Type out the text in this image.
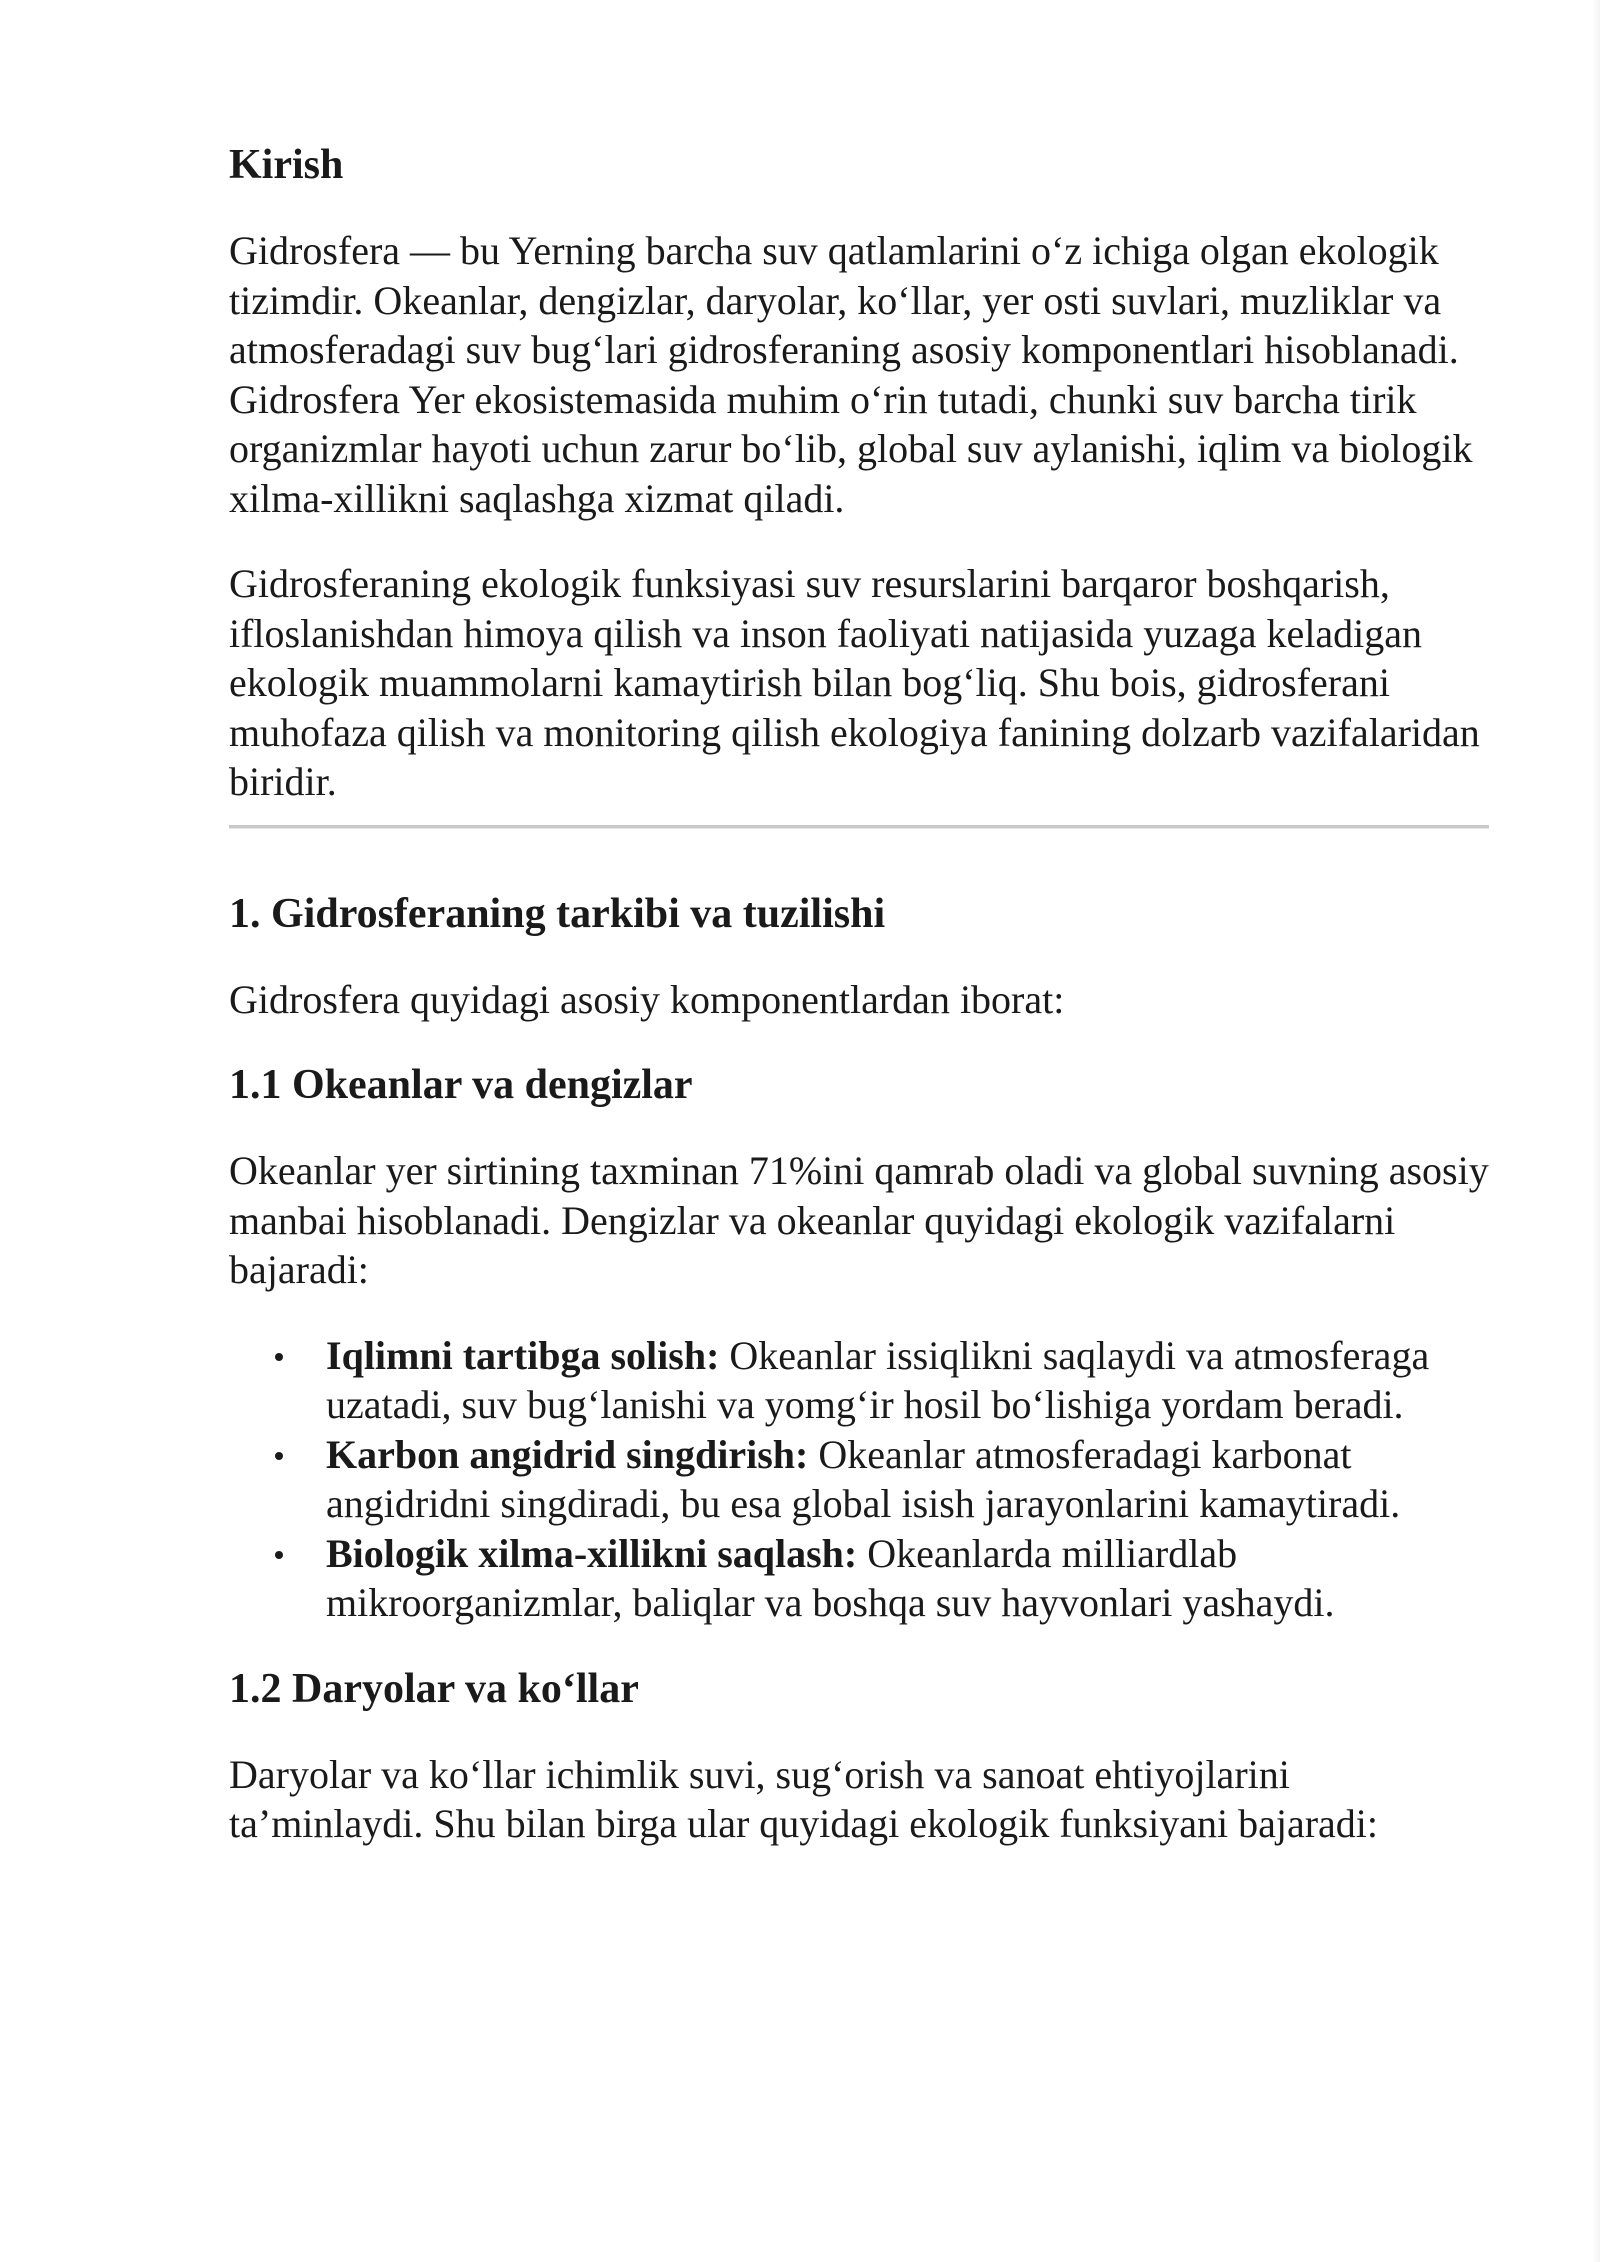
Kirish

Gidrosfera — bu Yerning barcha suv qatlamlarini o‘z ichiga olgan ekologik tizimdir. Okeanlar, dengizlar, daryolar, ko‘llar, yer osti suvlari, muzliklar va atmosferadagi suv bug‘lari gidrosferaning asosiy komponentlari hisoblanadi. Gidrosfera Yer ekosistemasida muhim o‘rin tutadi, chunki suv barcha tirik organizmlar hayoti uchun zarur bo‘lib, global suv aylanishi, iqlim va biologik xilma-xillikni saqlashga xizmat qiladi.

Gidrosferaning ekologik funksiyasi suv resurslarini barqaror boshqarish, ifloslanishdan himoya qilish va inson faoliyati natijasida yuzaga keladigan ekologik muammolarni kamaytirish bilan bog‘liq. Shu bois, gidrosferani muhofaza qilish va monitoring qilish ekologiya fanining dolzarb vazifalaridan biridir.

1. Gidrosferaning tarkibi va tuzilishi

Gidrosfera quyidagi asosiy komponentlardan iborat:

1.1 Okeanlar va dengizlar

Okeanlar yer sirtining taxminan 71%ini qamrab oladi va global suvning asosiy manbai hisoblanadi. Dengizlar va okeanlar quyidagi ekologik vazifalarni bajaradi:

Iqlimni tartibga solish: Okeanlar issiqlikni saqlaydi va atmosferaga uzatadi, suv bug‘lanishi va yomg‘ir hosil bo‘lishiga yordam beradi.
Karbon angidrid singdirish: Okeanlar atmosferadagi karbonat angidridni singdiradi, bu esa global isish jarayonlarini kamaytiradi.
Biologik xilma-xillikni saqlash: Okeanlarda milliardlab mikroorganizmlar, baliqlar va boshqa suv hayvonlari yashaydi.
1.2 Daryolar va ko‘llar

Daryolar va ko‘llar ichimlik suvi, sug‘orish va sanoat ehtiyojlarini ta’minlaydi. Shu bilan birga ular quyidagi ekologik funksiyani bajaradi:
